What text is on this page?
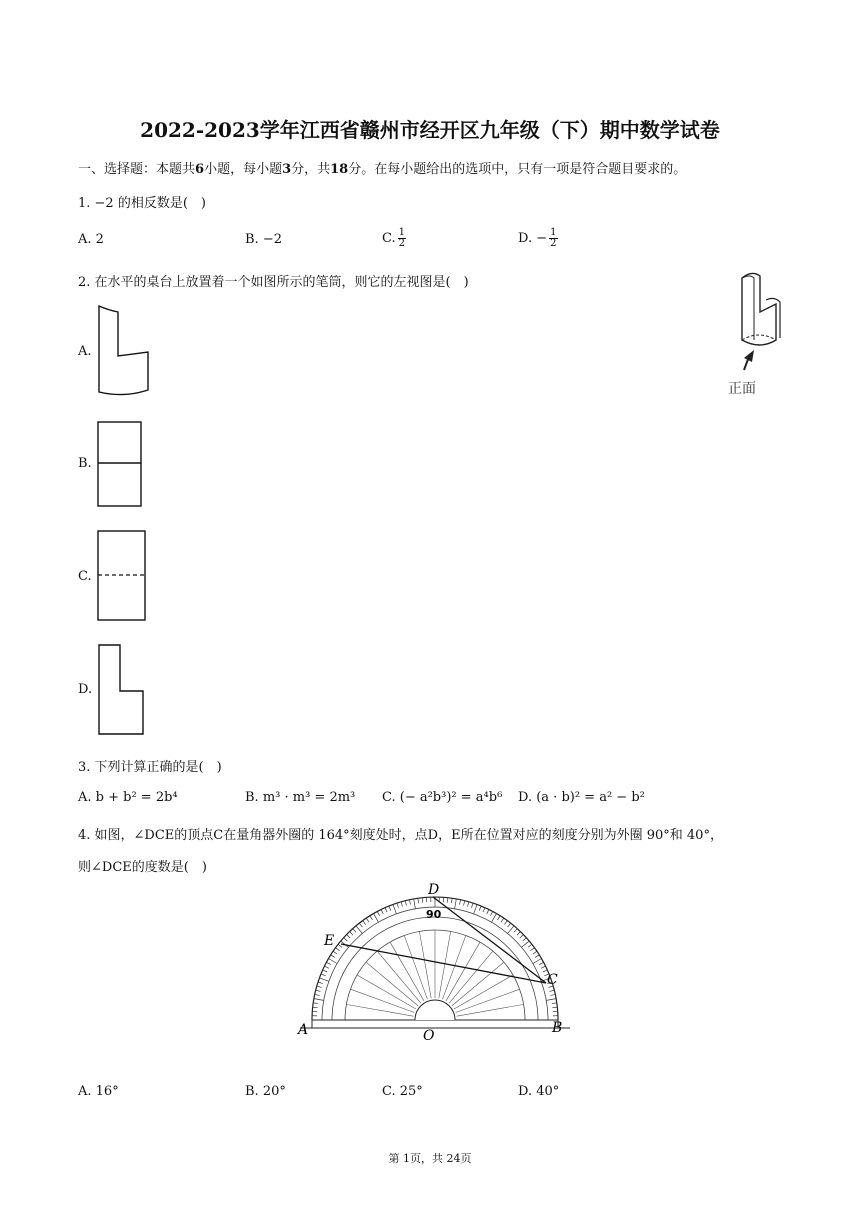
2022-2023学年江西省赣州市经开区九年级（下）期中数学试卷
一、选择题：本题共6小题，每小题3分，共18分。在每小题给出的选项中，只有一项是符合题目要求的。
1. −2 的相反数是(　)
A. 2	B. −2	C. $\frac{1}{2}$	D. − $\frac{1}{2}$
2. 在水平的桌台上放置着一个如图所示的笔筒，则它的左视图是(　)
正面
A.
B.
C.
D.
3. 下列计算正确的是(　)
A. b + b² = 2b⁴	B. m³ · m³ = 2m³ C. (− a²b³)² = a⁴b⁶ D. (a · b)² = a² − b²
4. 如图，∠DCE的顶点C在量角器外圈的 164°刻度处时，点D，E所在位置对应的刻度分别为外圈 90°和 40°，
则∠DCE的度数是(　)
D
E
C
A	B
O
90
A. 16°	B. 20°	C. 25°	D. 40°
第 1页，共 24页
